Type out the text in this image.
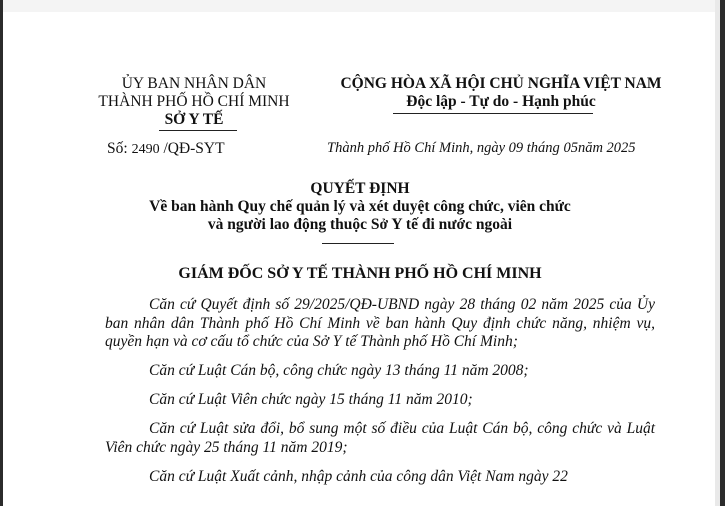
ỦY BAN NHÂN DÂN
THÀNH PHỐ HỒ CHÍ MINH
SỞ Y TẾ
Số: 2490 /QĐ-SYT
CỘNG HÒA XÃ HỘI CHỦ NGHĨA VIỆT NAM
Độc lập - Tự do - Hạnh phúc
Thành phố Hồ Chí Minh, ngày 09 tháng 05năm 2025
QUYẾT ĐỊNH
Về ban hành Quy chế quản lý và xét duyệt công chức, viên chức
và người lao động thuộc Sở Y tế đi nước ngoài
GIÁM ĐỐC SỞ Y TẾ THÀNH PHỐ HỒ CHÍ MINH

Căn cứ Quyết định số 29/2025/QĐ-UBND ngày 28 tháng 02 năm 2025 của Ủy ban nhân dân Thành phố Hồ Chí Minh về ban hành Quy định chức năng, nhiệm vụ, quyền hạn và cơ cấu tổ chức của Sở Y tế Thành phố Hồ Chí Minh;

Căn cứ Luật Cán bộ, công chức ngày 13 tháng 11 năm 2008;

Căn cứ Luật Viên chức ngày 15 tháng 11 năm 2010;

Căn cứ Luật sửa đổi, bổ sung một số điều của Luật Cán bộ, công chức và Luật Viên chức ngày 25 tháng 11 năm 2019;

Căn cứ Luật Xuất cảnh, nhập cảnh của công dân Việt Nam ngày 22
